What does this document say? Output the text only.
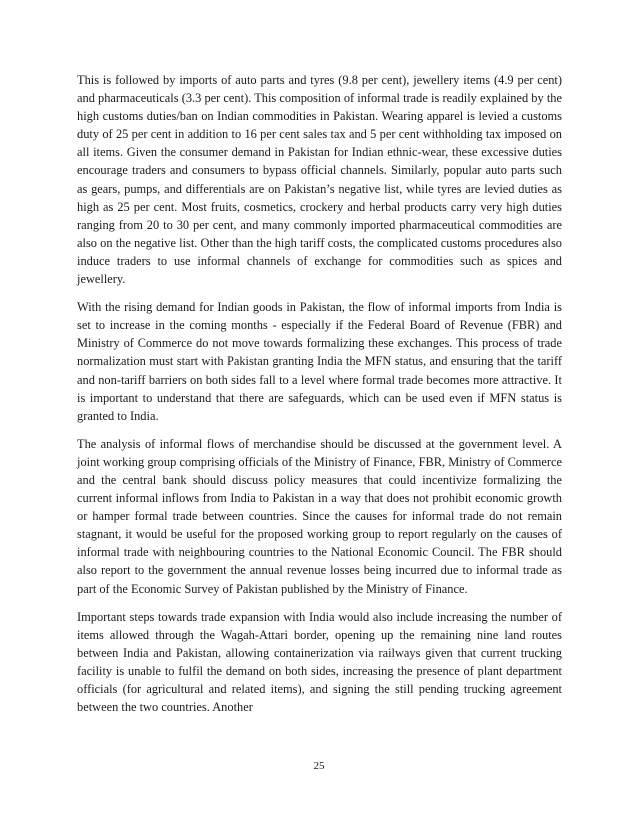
This is followed by imports of auto parts and tyres (9.8 per cent), jewellery items (4.9 per cent) and pharmaceuticals (3.3 per cent). This composition of informal trade is readily explained by the high customs duties/ban on Indian commodities in Pakistan. Wearing apparel is levied a customs duty of 25 per cent in addition to 16 per cent sales tax and 5 per cent withholding tax imposed on all items. Given the consumer demand in Pakistan for Indian ethnic-wear, these excessive duties encourage traders and consumers to bypass official channels. Similarly, popular auto parts such as gears, pumps, and differentials are on Pakistan’s negative list, while tyres are levied duties as high as 25 per cent. Most fruits, cosmetics, crockery and herbal products carry very high duties ranging from 20 to 30 per cent, and many commonly imported pharmaceutical commodities are also on the negative list. Other than the high tariff costs, the complicated customs procedures also induce traders to use informal channels of exchange for commodities such as spices and jewellery.

With the rising demand for Indian goods in Pakistan, the flow of informal imports from India is set to increase in the coming months - especially if the Federal Board of Revenue (FBR) and Ministry of Commerce do not move towards formalizing these exchanges. This process of trade normalization must start with Pakistan granting India the MFN status, and ensuring that the tariff and non-tariff barriers on both sides fall to a level where formal trade becomes more attractive. It is important to understand that there are safeguards, which can be used even if MFN status is granted to India.

The analysis of informal flows of merchandise should be discussed at the government level. A joint working group comprising officials of the Ministry of Finance, FBR, Ministry of Commerce and the central bank should discuss policy measures that could incentivize formalizing the current informal inflows from India to Pakistan in a way that does not prohibit economic growth or hamper formal trade between countries. Since the causes for informal trade do not remain stagnant, it would be useful for the proposed working group to report regularly on the causes of informal trade with neighbouring countries to the National Economic Council. The FBR should also report to the government the annual revenue losses being incurred due to informal trade as part of the Economic Survey of Pakistan published by the Ministry of Finance.

Important steps towards trade expansion with India would also include increasing the number of items allowed through the Wagah-Attari border, opening up the remaining nine land routes between India and Pakistan, allowing containerization via railways given that current trucking facility is unable to fulfil the demand on both sides, increasing the presence of plant department officials (for agricultural and related items), and signing the still pending trucking agreement between the two countries. Another

25
